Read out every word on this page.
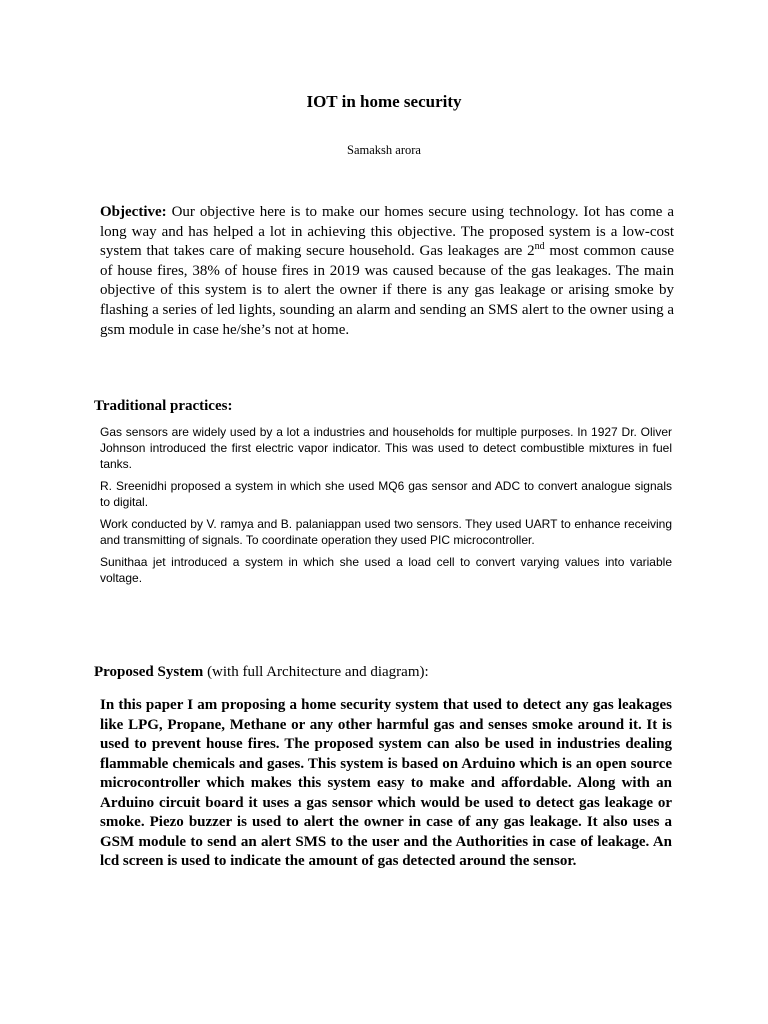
IOT in home security
Samaksh arora

Objective: Our objective here is to make our homes secure using technology. Iot has come a long way and has helped a lot in achieving this objective. The proposed system is a low-cost system that takes care of making secure household. Gas leakages are 2nd most common cause of house fires, 38% of house fires in 2019 was caused because of the gas leakages. The main objective of this system is to alert the owner if there is any gas leakage or arising smoke by flashing a series of led lights, sounding an alarm and sending an SMS alert to the owner using a gsm module in case he/she’s not at home.

Traditional practices:

Gas sensors are widely used by a lot a industries and households for multiple purposes. In 1927 Dr. Oliver Johnson introduced the first electric vapor indicator. This was used to detect combustible mixtures in fuel tanks.

R. Sreenidhi proposed a system in which she used MQ6 gas sensor and ADC to convert analogue signals to digital.

Work conducted by V. ramya and B. palaniappan used two sensors. They used UART to enhance receiving and transmitting of signals. To coordinate operation they used PIC microcontroller.

Sunithaa jet introduced a system in which she used a load cell to convert varying values into variable voltage.

Proposed System (with full Architecture and diagram):

In this paper I am proposing a home security system that used to detect any gas leakages like LPG, Propane, Methane or any other harmful gas and senses smoke around it. It is used to prevent house fires. The proposed system can also be used in industries dealing flammable chemicals and gases. This system is based on Arduino which is an open source microcontroller which makes this system easy to make and affordable. Along with an Arduino circuit board it uses a gas sensor which would be used to detect gas leakage or smoke. Piezo buzzer is used to alert the owner in case of any gas leakage. It also uses a GSM module to send an alert SMS to the user and the Authorities in case of leakage. An lcd screen is used to indicate the amount of gas detected around the sensor.
